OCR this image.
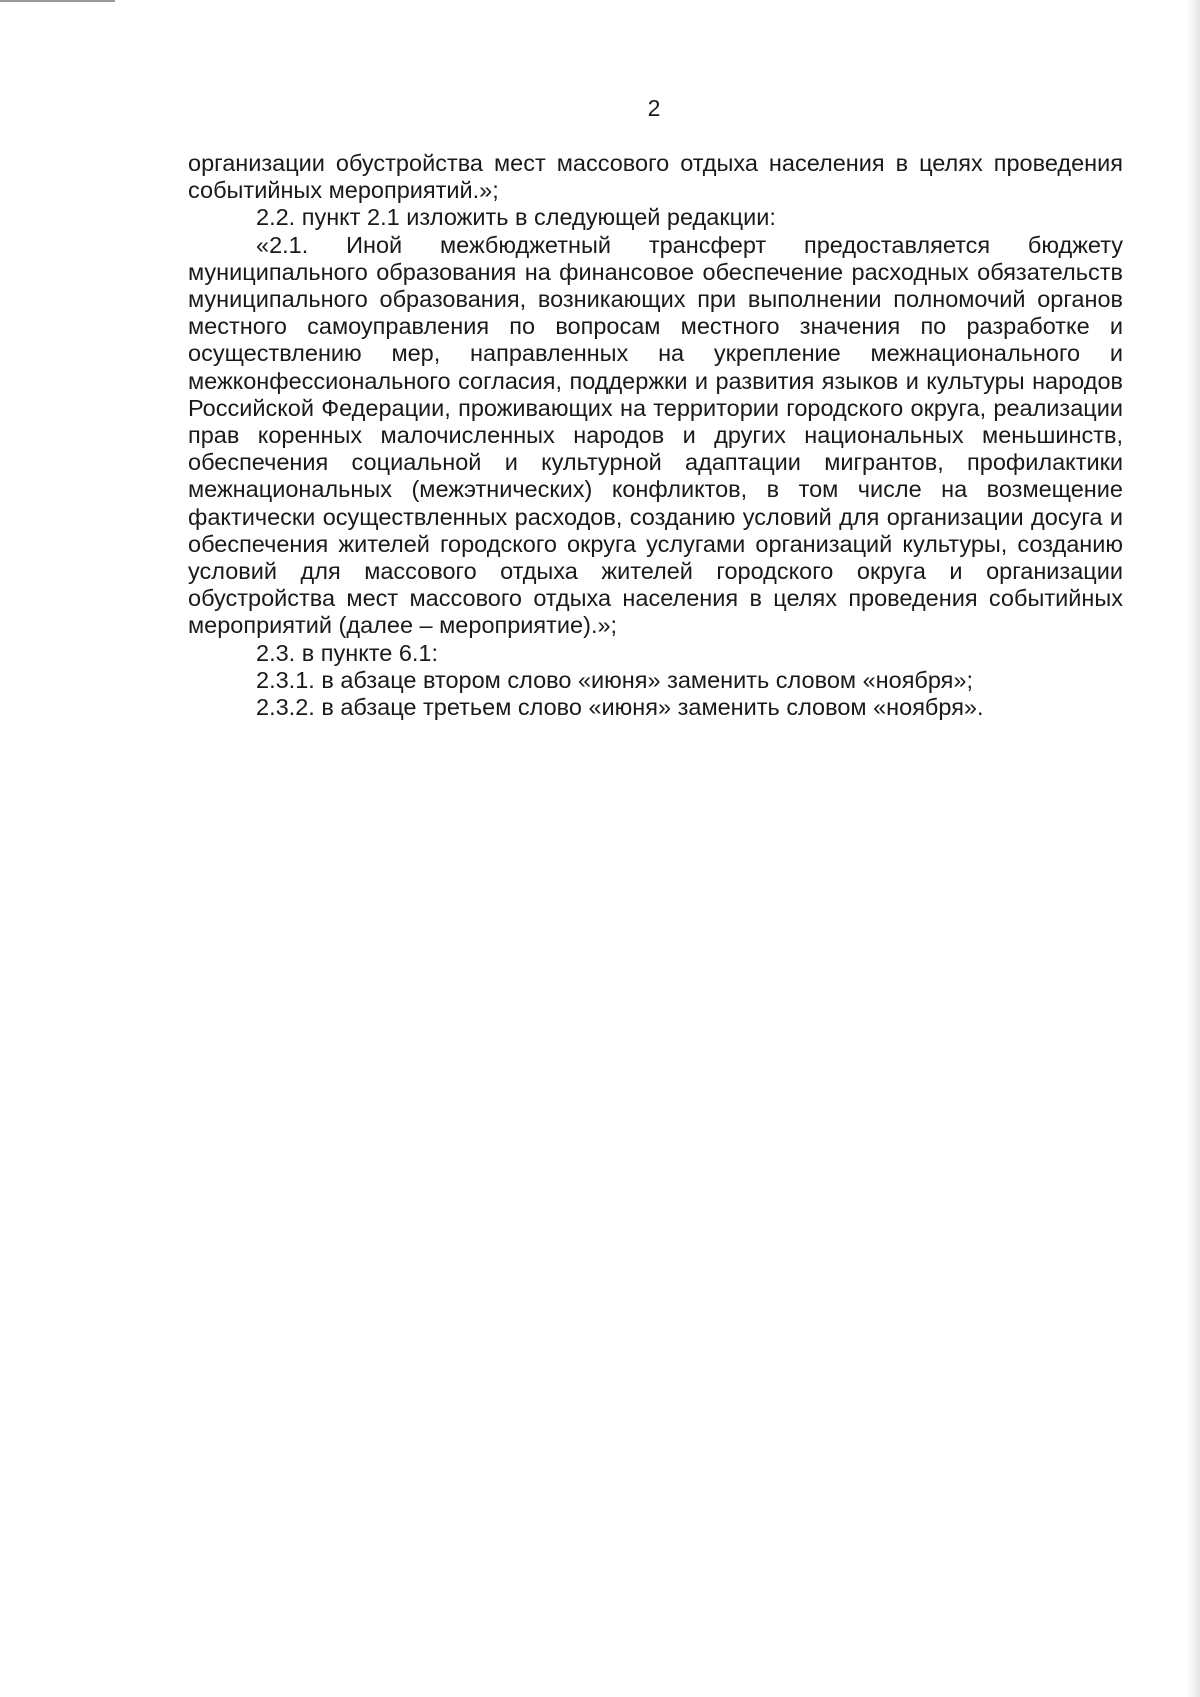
2

организации обустройства мест массового отдыха населения в целях проведения событийных мероприятий.»;

2.2. пункт 2.1 изложить в следующей редакции:

«2.1. Иной межбюджетный трансферт предоставляется бюджету муниципального образования на финансовое обеспечение расходных обязательств муниципального образования, возникающих при выполнении полномочий органов местного самоуправления по вопросам местного значения по разработке и осуществлению мер, направленных на укрепление межнационального и межконфессионального согласия, поддержки и развития языков и культуры народов Российской Федерации, проживающих на территории городского округа, реализации прав коренных малочисленных народов и других национальных меньшинств, обеспечения социальной и культурной адаптации мигрантов, профилактики межнациональных (межэтнических) конфликтов, в том числе на возмещение фактически осуществленных расходов, созданию условий для организации досуга и обеспечения жителей городского округа услугами организаций культуры, созданию условий для массового отдыха жителей городского округа и организации обустройства мест массового отдыха населения в целях проведения событийных мероприятий (далее – мероприятие).»;

2.3. в пункте 6.1:

2.3.1. в абзаце втором слово «июня» заменить словом «ноября»;

2.3.2. в абзаце третьем слово «июня» заменить словом «ноября».
